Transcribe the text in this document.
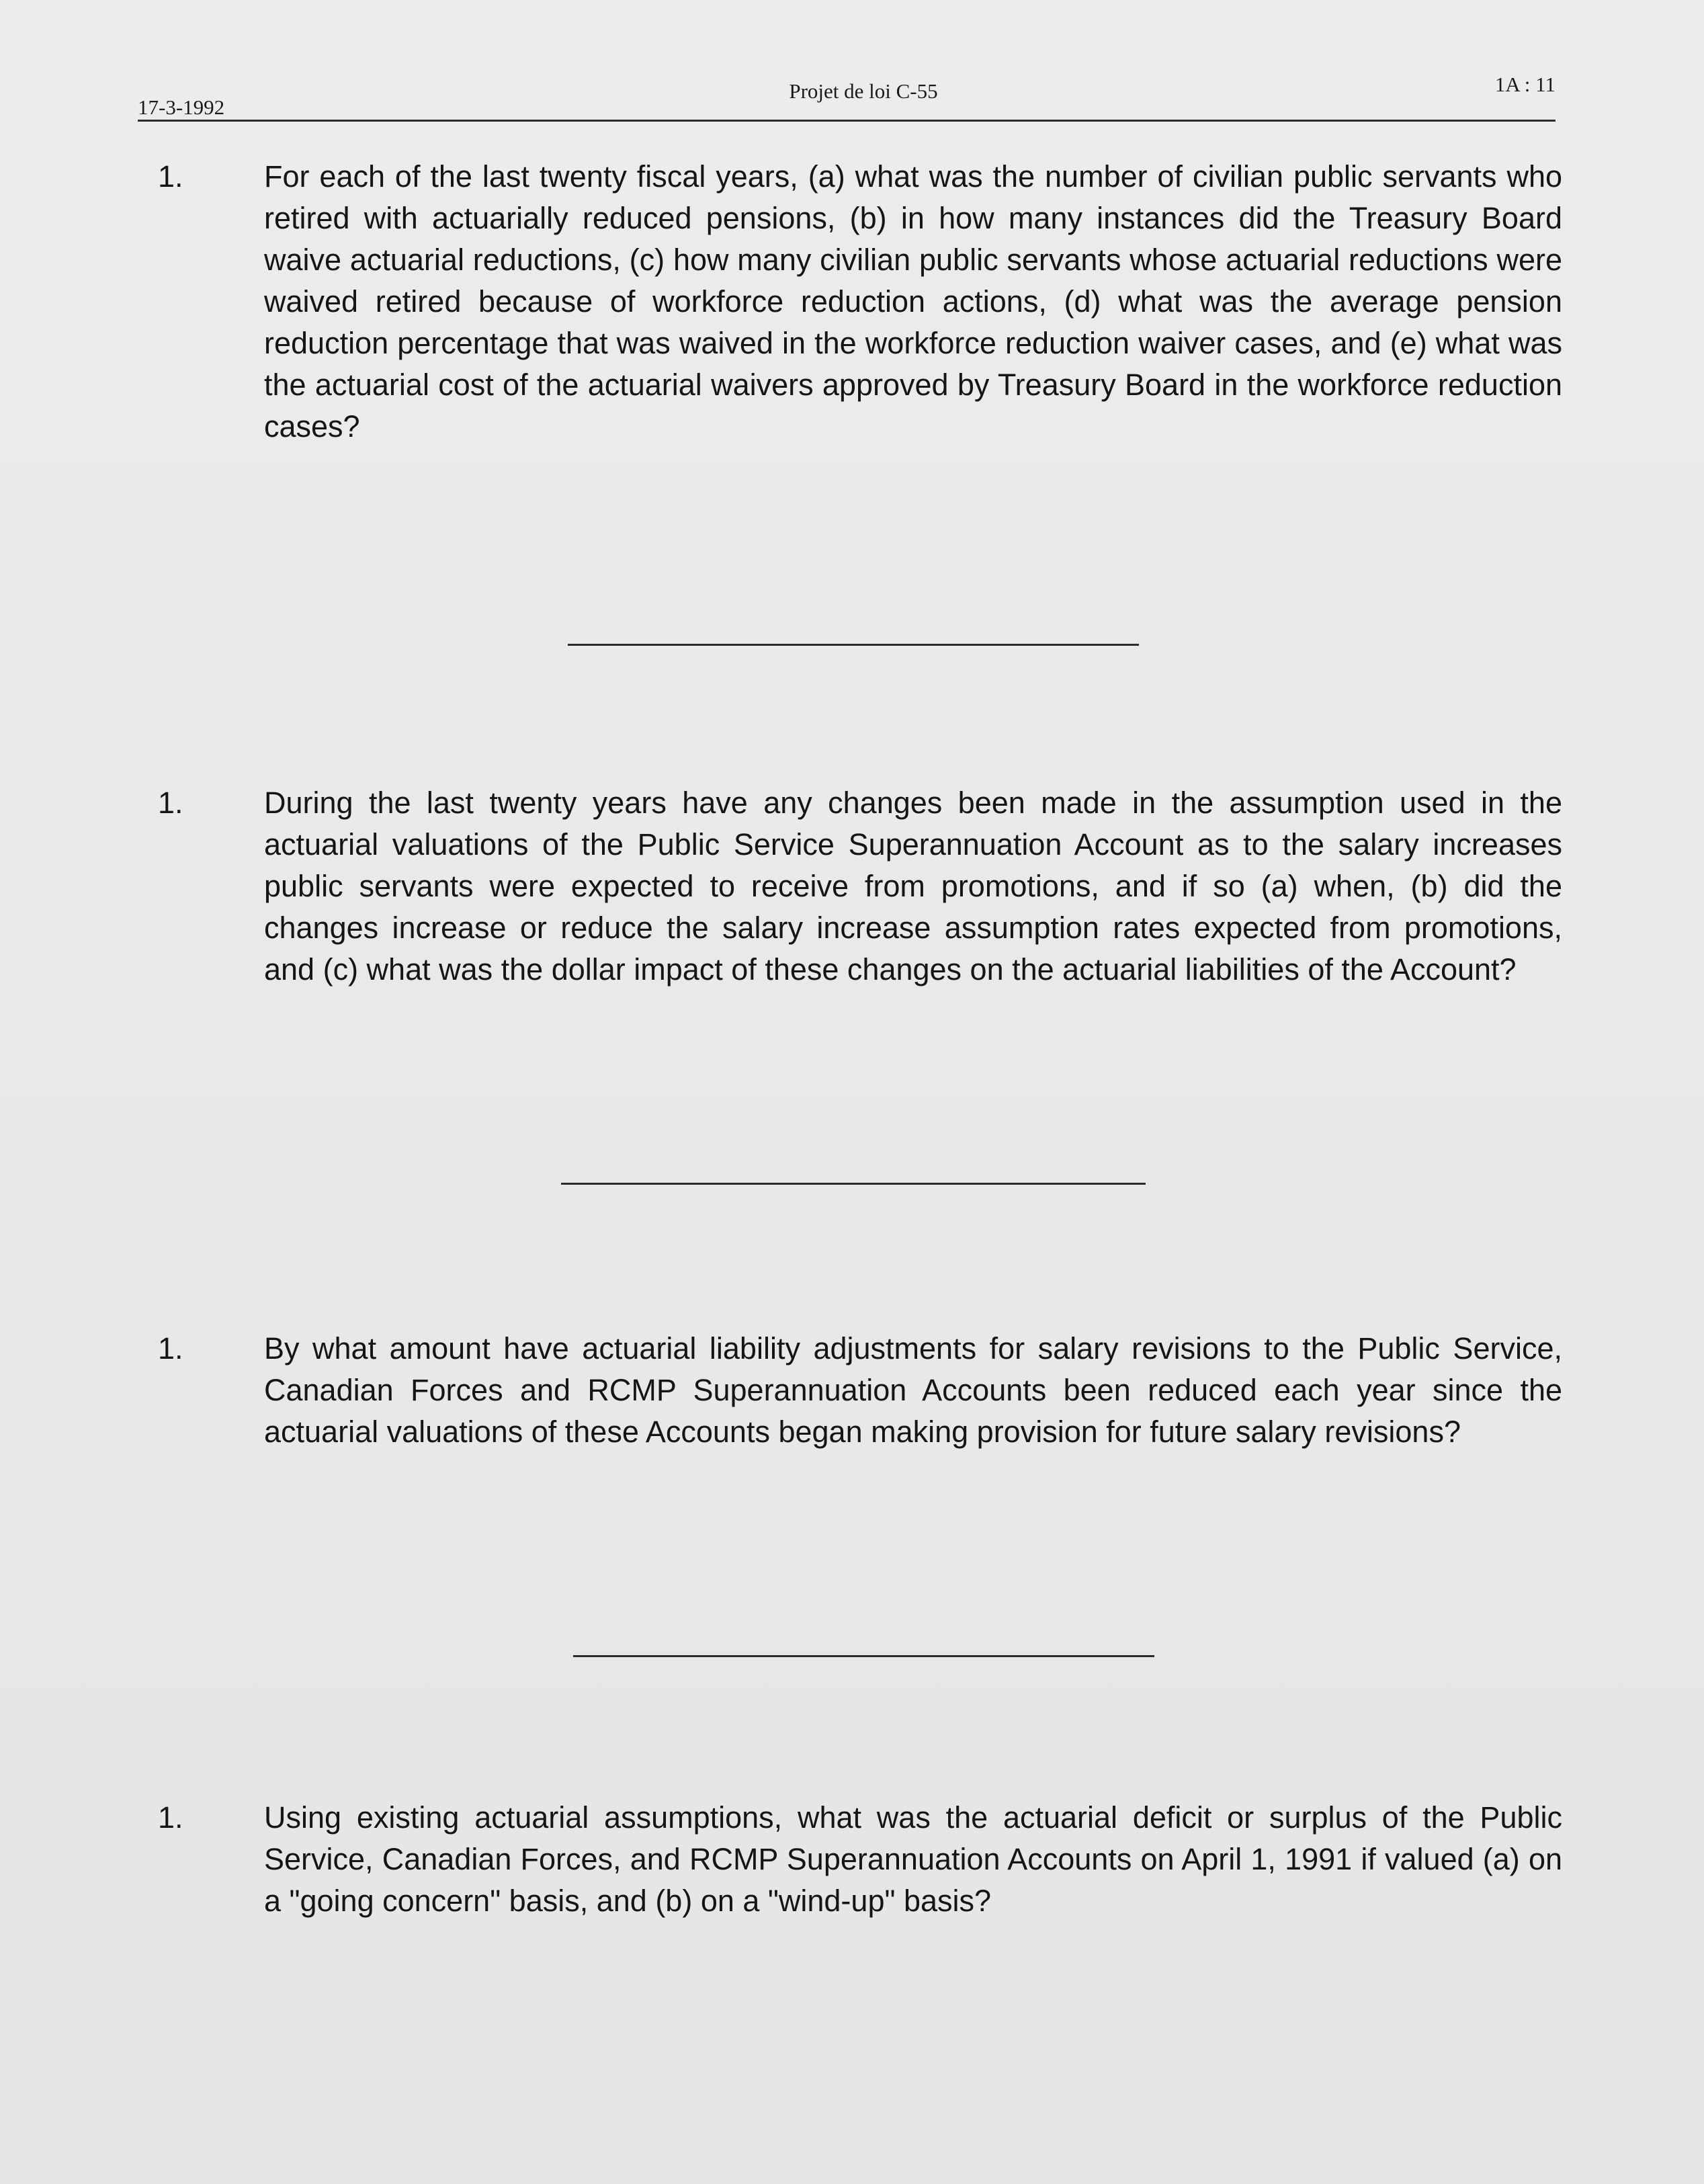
17-3-1992
Projet de loi C-55	1A : 11
1.	For each of the last twenty fiscal years, (a) what was the number of civilian public servants who retired with actuarially reduced pensions, (b) in how many instances did the Treasury Board waive actuarial reductions, (c) how many civilian public servants whose actuarial reductions were waived retired because of workforce reduction actions, (d) what was the average pension reduction percentage that was waived in the workforce reduction waiver cases, and (e) what was the actuarial cost of the actuarial waivers approved by Treasury Board in the workforce reduction cases?
1.	During the last twenty years have any changes been made in the assumption used in the actuarial valuations of the Public Service Superannuation Account as to the salary increases public servants were expected to receive from promotions, and if so (a) when, (b) did the changes increase or reduce the salary increase assumption rates expected from promotions, and (c) what was the dollar impact of these changes on the actuarial liabilities of the Account?
1.	By what amount have actuarial liability adjustments for salary revisions to the Public Service, Canadian Forces and RCMP Superannuation Accounts been reduced each year since the actuarial valuations of these Accounts began making provision for future salary revisions?
1.	Using existing actuarial assumptions, what was the actuarial deficit or surplus of the Public Service, Canadian Forces, and RCMP Superannuation Accounts on April 1, 1991 if valued (a) on a "going concern" basis, and (b) on a "wind-up" basis?
